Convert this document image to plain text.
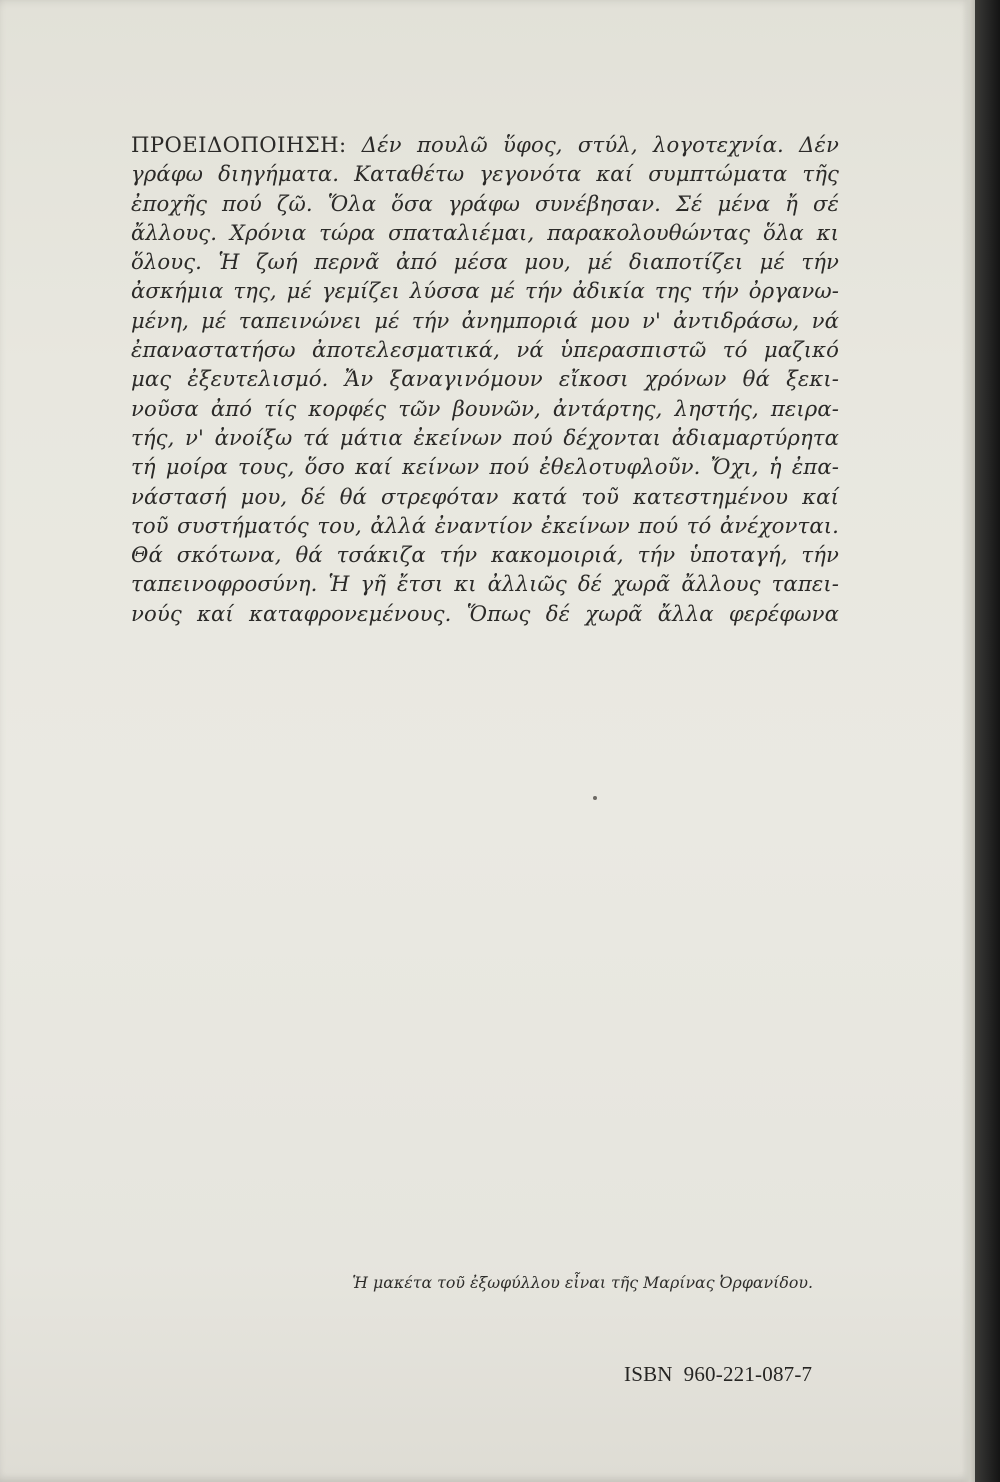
ΠΡΟΕΙΔΟΠΟΙΗΣΗ: Δέν πουλῶ ὕφος, στύλ, λογοτεχνία. Δέν
γράφω διηγήματα. Καταθέτω γεγονότα καί συμπτώματα τῆς
ἐποχῆς πού ζῶ. Ὅλα ὅσα γράφω συνέβησαν. Σέ μένα ἤ σέ
ἄλλους. Χρόνια τώρα σπαταλιέμαι, παρακολουθώντας ὅλα κι
ὅλους. Ἡ ζωή περνᾶ ἀπό μέσα μου, μέ διαποτίζει μέ τήν
ἀσκήμια της, μέ γεμίζει λύσσα μέ τήν ἀδικία της τήν ὀργανω-
μένη, μέ ταπεινώνει μέ τήν ἀνημποριά μου ν' ἀντιδράσω, νά
ἐπαναστατήσω ἀποτελεσματικά, νά ὑπερασπιστῶ τό μαζικό
μας ἐξευτελισμό. Ἄν ξαναγινόμουν εἴκοσι χρόνων θά ξεκι-
νοῦσα ἀπό τίς κορφές τῶν βουνῶν, ἀντάρτης, ληστής, πειρα-
τής, ν' ἀνοίξω τά μάτια ἐκείνων πού δέχονται ἀδιαμαρτύρητα
τή μοίρα τους, ὅσο καί κείνων πού ἐθελοτυφλοῦν. Ὄχι, ἡ ἐπα-
νάστασή μου, δέ θά στρεφόταν κατά τοῦ κατεστημένου καί
τοῦ συστήματός του, ἀλλά ἐναντίον ἐκείνων πού τό ἀνέχονται.
Θά σκότωνα, θά τσάκιζα τήν κακομοιριά, τήν ὑποταγή, τήν
ταπεινοφροσύνη. Ἡ γῆ ἔτσι κι ἀλλιῶς δέ χωρᾶ ἄλλους ταπει-
νούς καί καταφρονεμένους. Ὅπως δέ χωρᾶ ἄλλα φερέφωνα
Ἡ μακέτα τοῦ ἐξωφύλλου εἶναι τῆς Μαρίνας Ὀρφανίδου.
ISBN 960-221-087-7
